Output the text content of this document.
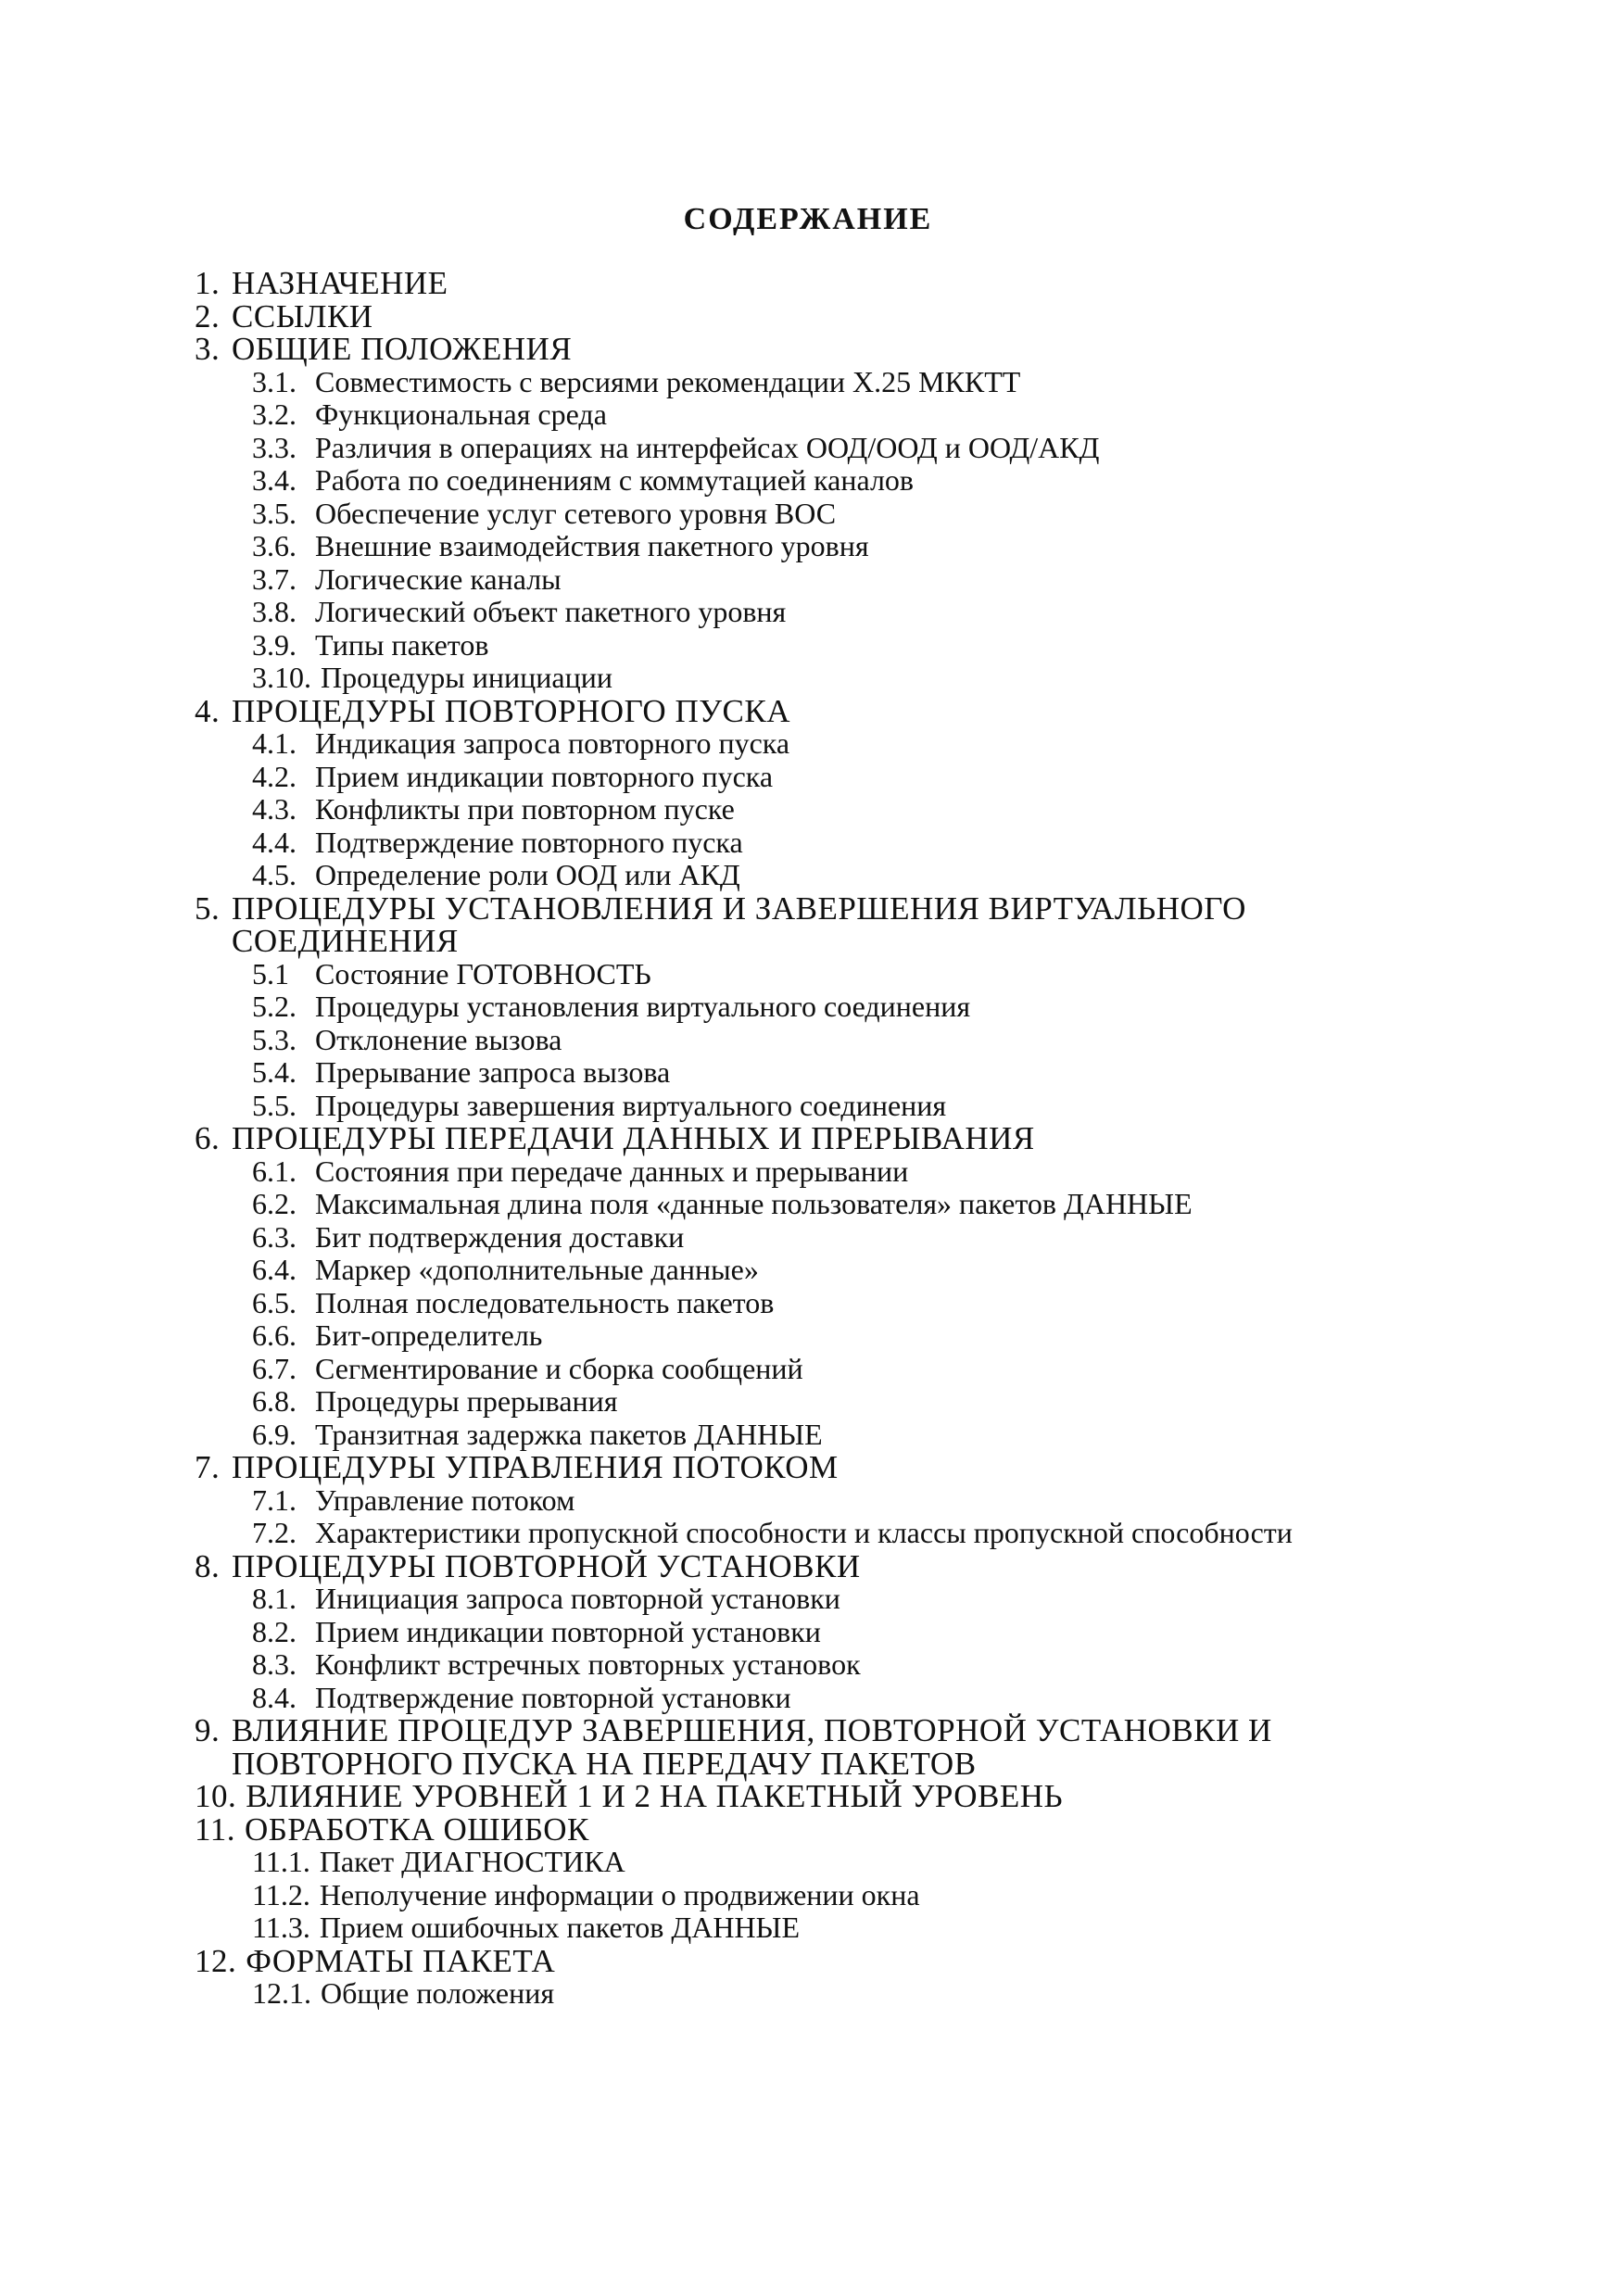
СОДЕРЖАНИЕ
1. НАЗНАЧЕНИЕ
2. ССЫЛКИ
3. ОБЩИЕ ПОЛОЖЕНИЯ
3.1. Совместимость с версиями рекомендации Х.25 МККТТ
3.2. Функциональная среда
3.3. Различия в операциях на интерфейсах ООД/ООД и ООД/АКД
3.4. Работа по соединениям с коммутацией каналов
3.5. Обеспечение услуг сетевого уровня ВОС
3.6. Внешние взаимодействия пакетного уровня
3.7. Логические каналы
3.8. Логический объект пакетного уровня
3.9. Типы пакетов
3.10. Процедуры инициации
4. ПРОЦЕДУРЫ ПОВТОРНОГО ПУСКА
4.1. Индикация запроса повторного пуска
4.2. Прием индикации повторного пуска
4.3. Конфликты при повторном пуске
4.4. Подтверждение повторного пуска
4.5. Определение роли ООД или АКД
5. ПРОЦЕДУРЫ УСТАНОВЛЕНИЯ И ЗАВЕРШЕНИЯ ВИРТУАЛЬНОГО СОЕДИНЕНИЯ
5.1 Состояние ГОТОВНОСТЬ
5.2. Процедуры установления виртуального соединения
5.3. Отклонение вызова
5.4. Прерывание запроса вызова
5.5. Процедуры завершения виртуального соединения
6. ПРОЦЕДУРЫ ПЕРЕДАЧИ ДАННЫХ И ПРЕРЫВАНИЯ
6.1. Состояния при передаче данных и прерывании
6.2. Максимальная длина поля «данные пользователя» пакетов ДАННЫЕ
6.3. Бит подтверждения доставки
6.4. Маркер «дополнительные данные»
6.5. Полная последовательность пакетов
6.6. Бит-определитель
6.7. Сегментирование и сборка сообщений
6.8. Процедуры прерывания
6.9. Транзитная задержка пакетов ДАННЫЕ
7. ПРОЦЕДУРЫ УПРАВЛЕНИЯ ПОТОКОМ
7.1. Управление потоком
7.2. Характеристики пропускной способности и классы пропускной способности
8. ПРОЦЕДУРЫ ПОВТОРНОЙ УСТАНОВКИ
8.1. Инициация запроса повторной установки
8.2. Прием индикации повторной установки
8.3. Конфликт встречных повторных установок
8.4. Подтверждение повторной установки
9. ВЛИЯНИЕ ПРОЦЕДУР ЗАВЕРШЕНИЯ, ПОВТОРНОЙ УСТАНОВКИ И ПОВТОРНОГО ПУСКА НА ПЕРЕДАЧУ ПАКЕТОВ
10. ВЛИЯНИЕ УРОВНЕЙ 1 И 2 НА ПАКЕТНЫЙ УРОВЕНЬ
11. ОБРАБОТКА ОШИБОК
11.1. Пакет ДИАГНОСТИКА
11.2. Неполучение информации о продвижении окна
11.3. Прием ошибочных пакетов ДАННЫЕ
12. ФОРМАТЫ ПАКЕТА
12.1. Общие положения
